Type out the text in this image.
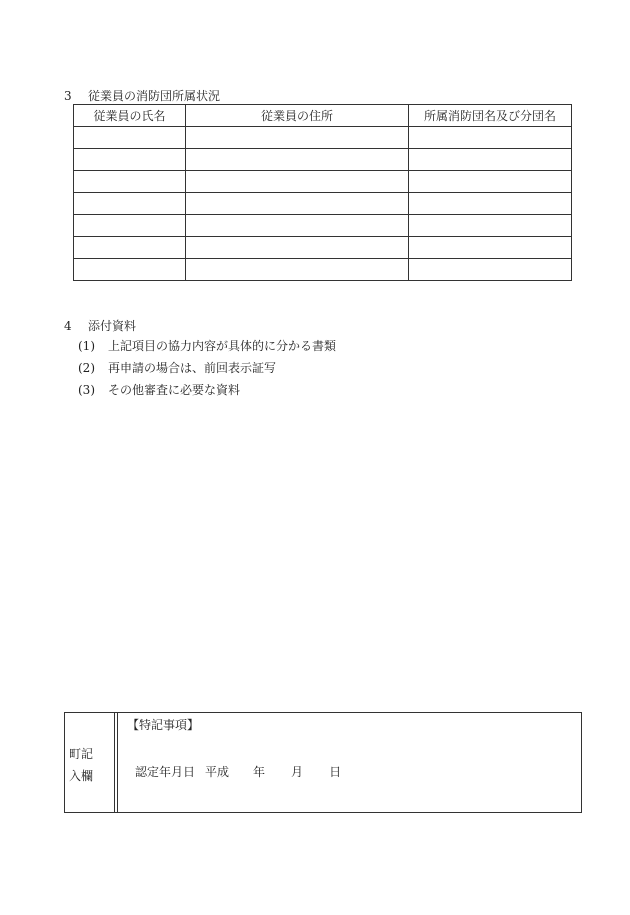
3 従業員の消防団所属状況
従業員の氏名	従業員の住所	所属消防団名及び分団名

4 添付資料
(1) 上記項目の協力内容が具体的に分かる書類
(2) 再申請の場合は、前回表示証写
(3) その他審査に必要な資料
町記
入欄
【特記事項】
認定年月日 平成 年 月 日
